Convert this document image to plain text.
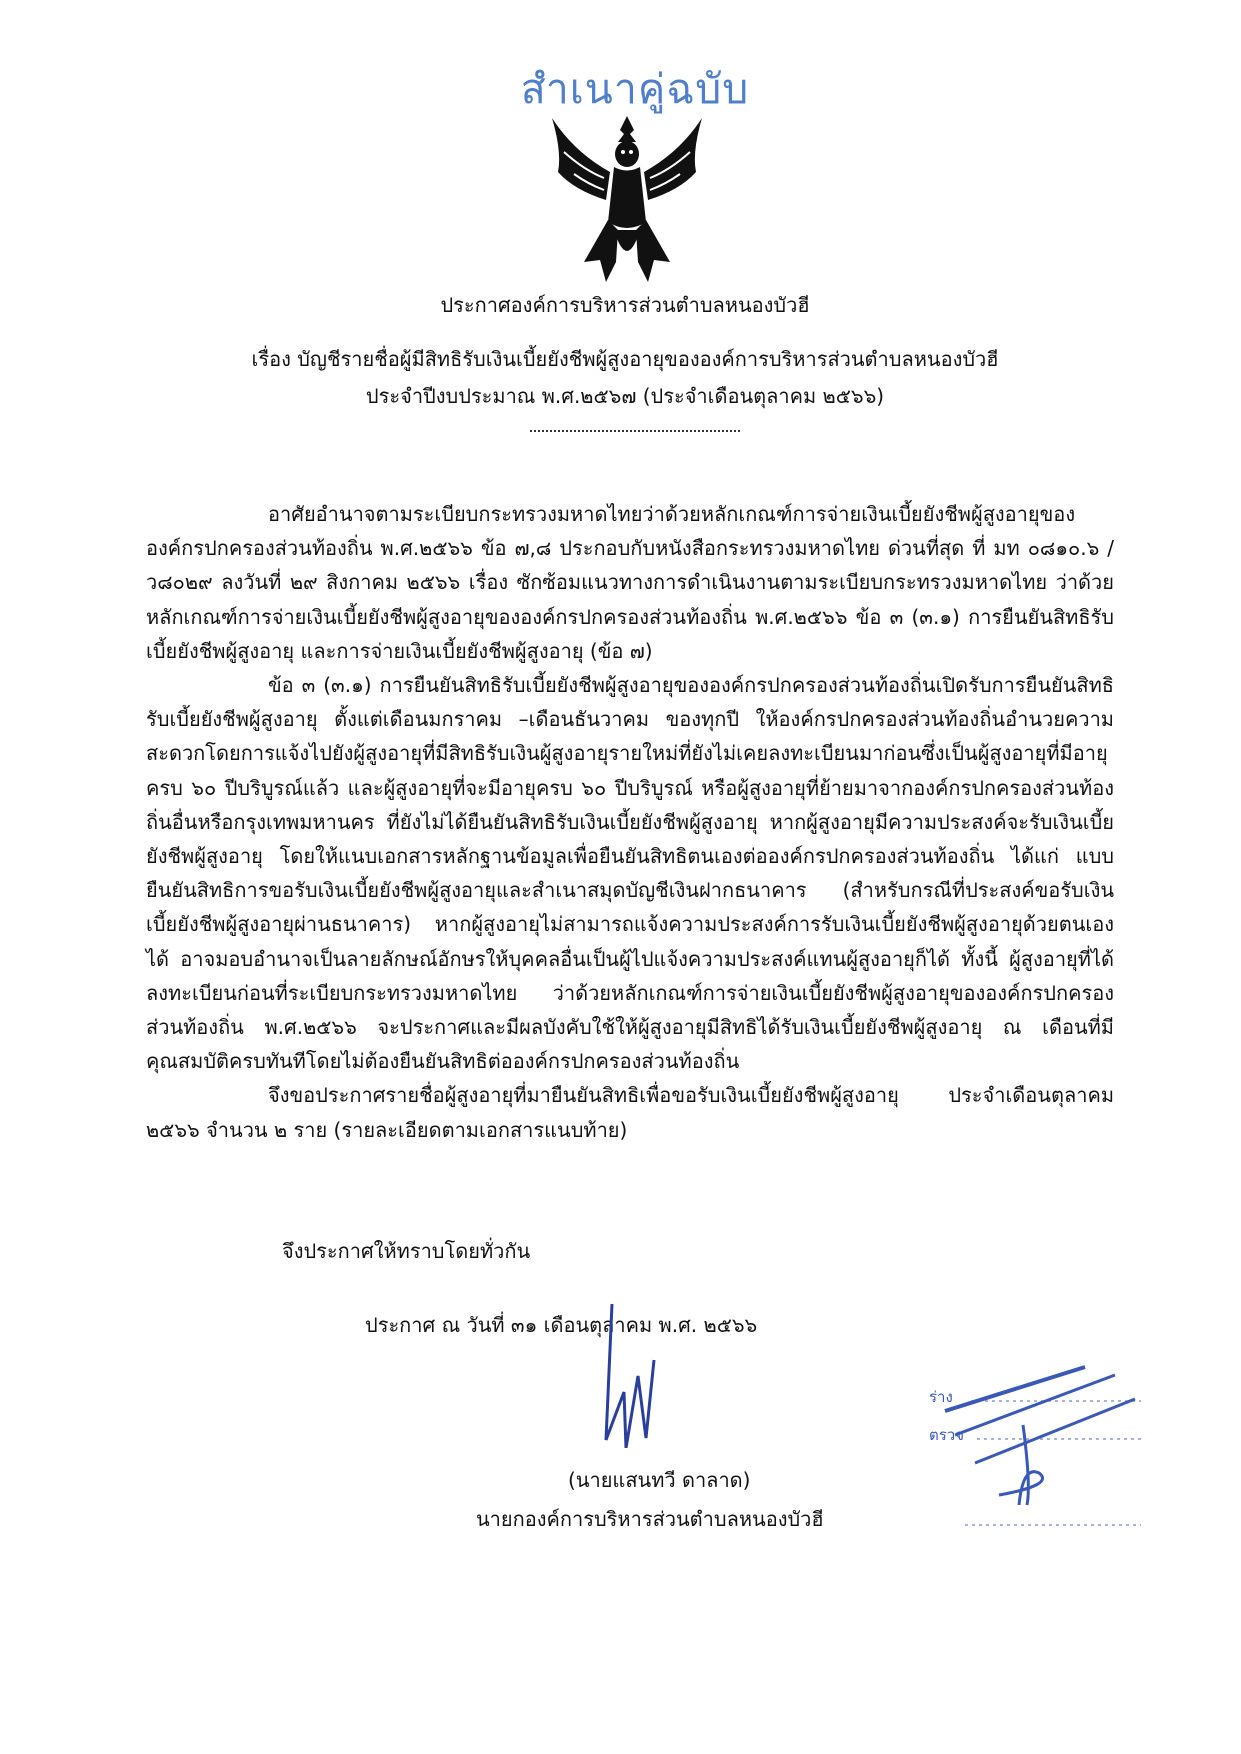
สำเนาคู่ฉบับ
ประกาศองค์การบริหารส่วนตำบลหนองบัวฮี
เรื่อง บัญชีรายชื่อผู้มีสิทธิรับเงินเบี้ยยังชีพผู้สูงอายุขององค์การบริหารส่วนตำบลหนองบัวฮี
ประจำปีงบประมาณ พ.ศ.๒๕๖๗ (ประจำเดือนตุลาคม ๒๕๖๖)

อาศัยอำนาจตามระเบียบกระทรวงมหาดไทยว่าด้วยหลักเกณฑ์การจ่ายเงินเบี้ยยังชีพผู้สูงอายุขององค์กรปกครองส่วนท้องถิ่น พ.ศ.๒๕๖๖ ข้อ ๗,๘ ประกอบกับหนังสือกระทรวงมหาดไทย ด่วนที่สุด ที่ มท ๐๘๑๐.๖ /ว๘๐๒๙ ลงวันที่ ๒๙ สิงกาคม ๒๕๖๖ เรื่อง ซักซ้อมแนวทางการดำเนินงานตามระเบียบกระทรวงมหาดไทย ว่าด้วยหลักเกณฑ์การจ่ายเงินเบี้ยยังชีพผู้สูงอายุขององค์กรปกครองส่วนท้องถิ่น พ.ศ.๒๕๖๖ ข้อ ๓ (๓.๑) การยืนยันสิทธิรับเบี้ยยังชีพผู้สูงอายุ และการจ่ายเงินเบี้ยยังชีพผู้สูงอายุ (ข้อ ๗)

ข้อ ๓ (๓.๑) การยืนยันสิทธิรับเบี้ยยังชีพผู้สูงอายุขององค์กรปกครองส่วนท้องถิ่นเปิดรับการยืนยันสิทธิรับเบี้ยยังชีพผู้สูงอายุ ตั้งแต่เดือนมกราคม –เดือนธันวาคม ของทุกปี ให้องค์กรปกครองส่วนท้องถิ่นอำนวยความสะดวกโดยการแจ้งไปยังผู้สูงอายุที่มีสิทธิรับเงินผู้สูงอายุรายใหม่ที่ยังไม่เคยลงทะเบียนมาก่อนซึ่งเป็นผู้สูงอายุที่มีอายุครบ ๖๐ ปีบริบูรณ์แล้ว และผู้สูงอายุที่จะมีอายุครบ ๖๐ ปีบริบูรณ์ หรือผู้สูงอายุที่ย้ายมาจากองค์กรปกครองส่วนท้องถิ่นอื่นหรือกรุงเทพมหานคร ที่ยังไม่ได้ยืนยันสิทธิรับเงินเบี้ยยังชีพผู้สูงอายุ หากผู้สูงอายุมีความประสงค์จะรับเงินเบี้ยยังชีพผู้สูงอายุ โดยให้แนบเอกสารหลักฐานข้อมูลเพื่อยืนยันสิทธิตนเองต่อองค์กรปกครองส่วนท้องถิ่น ได้แก่ แบบยืนยันสิทธิการขอรับเงินเบี้ยยังชีพผู้สูงอายุและสำเนาสมุดบัญชีเงินฝากธนาคาร (สำหรับกรณีที่ประสงค์ขอรับเงินเบี้ยยังชีพผู้สูงอายุผ่านธนาคาร) หากผู้สูงอายุไม่สามารถแจ้งความประสงค์การรับเงินเบี้ยยังชีพผู้สูงอายุด้วยตนเองได้ อาจมอบอำนาจเป็นลายลักษณ์อักษรให้บุคคลอื่นเป็นผู้ไปแจ้งความประสงค์แทนผู้สูงอายุก็ได้ ทั้งนี้ ผู้สูงอายุที่ได้ลงทะเบียนก่อนที่ระเบียบกระทรวงมหาดไทย ว่าด้วยหลักเกณฑ์การจ่ายเงินเบี้ยยังชีพผู้สูงอายุขององค์กรปกครองส่วนท้องถิ่น พ.ศ.๒๕๖๖ จะประกาศและมีผลบังคับใช้ให้ผู้สูงอายุมีสิทธิได้รับเงินเบี้ยยังชีพผู้สูงอายุ ณ เดือนที่มีคุณสมบัติครบทันทีโดยไม่ต้องยืนยันสิทธิต่อองค์กรปกครองส่วนท้องถิ่น

จึงขอประกาศรายชื่อผู้สูงอายุที่มายืนยันสิทธิเพื่อขอรับเงินเบี้ยยังชีพผู้สูงอายุ ประจำเดือนตุลาคม ๒๕๖๖ จำนวน ๒ ราย (รายละเอียดตามเอกสารแนบท้าย)

จึงประกาศให้ทราบโดยทั่วกัน
ประกาศ ณ วันที่ ๓๑ เดือนตุลาคม พ.ศ. ๒๕๖๖
(นายแสนทวี ดาลาด)
นายกองค์การบริหารส่วนตำบลหนองบัวฮี
ร่าง
ตรวจ
